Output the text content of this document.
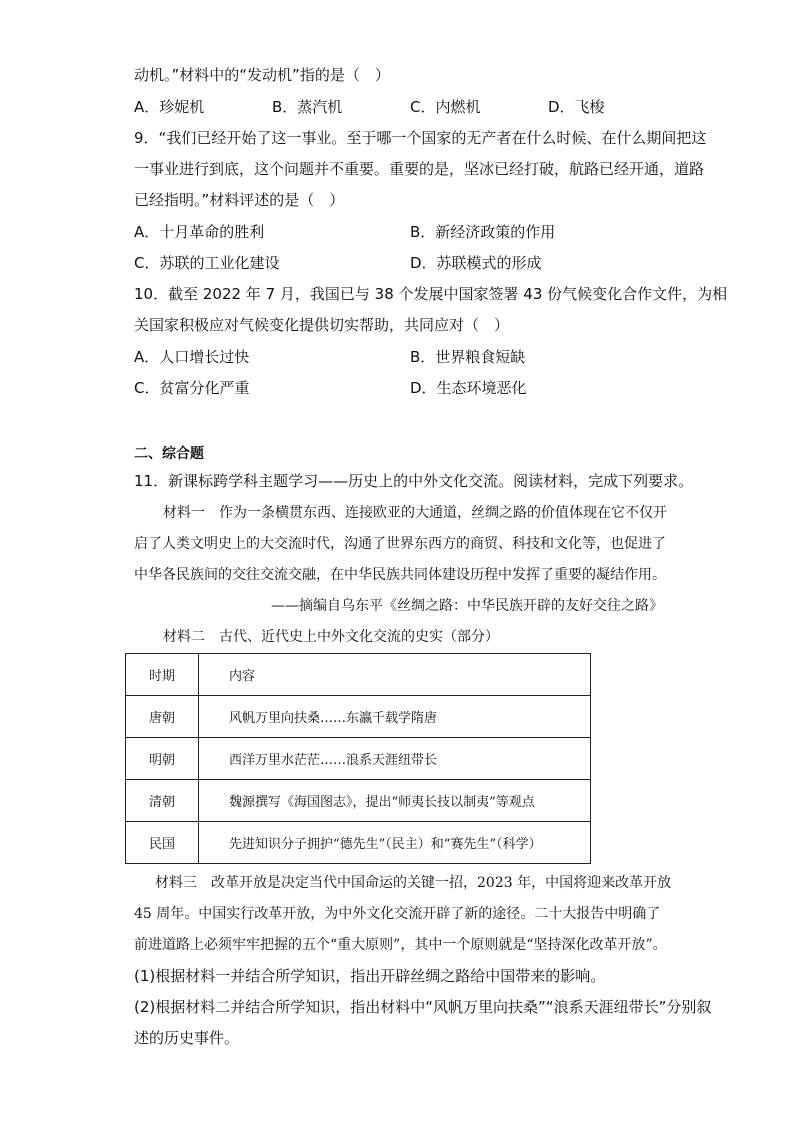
动机。”材料中的“发动机”指的是（　）
A．珍妮机	B．蒸汽机	C．内燃机	D．飞梭
9．“我们已经开始了这一事业。至于哪一个国家的无产者在什么时候、在什么期间把这
一事业进行到底，这个问题并不重要。重要的是，坚冰已经打破，航路已经开通，道路
已经指明。”材料评述的是（　）
A．十月革命的胜利	B．新经济政策的作用
C．苏联的工业化建设	D．苏联模式的形成
10．截至 2022 年 7 月，我国已与 38 个发展中国家签署 43 份气候变化合作文件，为相
关国家积极应对气候变化提供切实帮助，共同应对（　）
A．人口增长过快	B．世界粮食短缺
C．贫富分化严重	D．生态环境恶化
二、综合题
11．新课标跨学科主题学习——历史上的中外文化交流。阅读材料，完成下列要求。
材料一　作为一条横贯东西、连接欧亚的大通道，丝绸之路的价值体现在它不仅开
启了人类文明史上的大交流时代，沟通了世界东西方的商贸、科技和文化等，也促进了
中华各民族间的交往交流交融，在中华民族共同体建设历程中发挥了重要的凝结作用。
——摘编自乌东平《丝绸之路：中华民族开辟的友好交往之路》
材料二　古代、近代史上中外文化交流的史实（部分）
时期	内容
唐朝	风帆万里向扶桑……东瀛千载学隋唐
明朝	西洋万里水茫茫……浪系天涯纽带长
清朝	魏源撰写《海国图志》，提出“师夷长技以制夷”等观点
民国	先进知识分子拥护“德先生”（民主）和“赛先生”（科学）
材料三　改革开放是决定当代中国命运的关键一招，2023 年，中国将迎来改革开放
45 周年。中国实行改革开放，为中外文化交流开辟了新的途径。二十大报告中明确了
前进道路上必须牢牢把握的五个“重大原则”，其中一个原则就是“坚持深化改革开放”。
(1)根据材料一并结合所学知识，指出开辟丝绸之路给中国带来的影响。
(2)根据材料二并结合所学知识，指出材料中“风帆万里向扶桑”“浪系天涯纽带长”分别叙
述的历史事件。
